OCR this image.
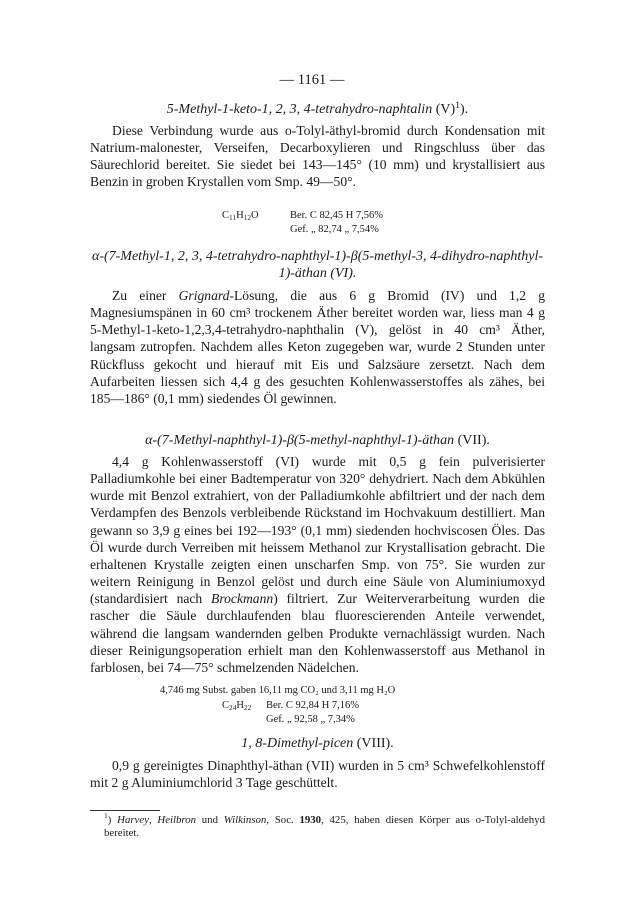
— 1161 —
5-Methyl-1-keto-1, 2, 3, 4-tetrahydro-naphtalin $(V)^1$).

Diese Verbindung wurde aus o-Tolyl-äthyl-bromid durch Kondensation mit Natrium-malonester, Verseifen, Decarboxylieren und Ringschluss über das Säurechlorid bereitet. Sie siedet bei 143—145° (10 mm) und krystallisiert aus Benzin in groben Krystallen vom Smp. 49—50°.

$C_{11}H_{12}O$	Ber. C 82,45 H 7,56%
Gef. „ 82,74 „ 7,54%
α-(7-Methyl-1, 2, 3, 4-tetrahydro-naphthyl-1)-β(5-methyl-3, 4-dihydro-naphthyl-1)-äthan (VI).

Zu einer Grignard-Lösung, die aus 6 g Bromid (IV) und 1,2 g Magnesiumspänen in 60 cm³ trockenem Äther bereitet worden war, liess man 4 g 5-Methyl-1-keto-1,2,3,4-tetrahydro-naphthalin (V), gelöst in 40 cm³ Äther, langsam zutropfen. Nachdem alles Keton zugegeben war, wurde 2 Stunden unter Rückfluss gekocht und hierauf mit Eis und Salzsäure zersetzt. Nach dem Aufarbeiten liessen sich 4,4 g des gesuchten Kohlenwasserstoffes als zähes, bei 185—186° (0,1 mm) siedendes Öl gewinnen.

α-(7-Methyl-naphthyl-1)-β(5-methyl-naphthyl-1)-äthan (VII).

4,4 g Kohlenwasserstoff (VI) wurde mit 0,5 g fein pulverisierter Palladiumkohle bei einer Badtemperatur von 320° dehydriert. Nach dem Abkühlen wurde mit Benzol extrahiert, von der Palladiumkohle abfiltriert und der nach dem Verdampfen des Benzols verbleibende Rückstand im Hochvakuum destilliert. Man gewann so 3,9 g eines bei 192—193° (0,1 mm) siedenden hochviscosen Öles. Das Öl wurde durch Verreiben mit heissem Methanol zur Krystallisation gebracht. Die erhaltenen Krystalle zeigten einen unscharfen Smp. von 75°. Sie wurden zur weitern Reinigung in Benzol gelöst und durch eine Säule von Aluminiumoxyd (standardisiert nach Brockmann) filtriert. Zur Weiterverarbeitung wurden die rascher die Säule durchlaufenden blau fluorescierenden Anteile verwendet, während die langsam wandernden gelben Produkte vernachlässigt wurden. Nach dieser Reinigungsoperation erhielt man den Kohlenwasserstoff aus Methanol in farblosen, bei 74—75° schmelzenden Nädelchen.

4,746 mg Subst. gaben 16,11 mg CO₂ und 3,11 mg H₂O
$C_{24}H_{22}$ Ber. C 92,84 H 7,16%
Gef. „ 92,58 „ 7,34%
1, 8-Dimethyl-picen (VIII).

0,9 g gereinigtes Dinaphthyl-äthan (VII) wurden in 5 cm³ Schwefelkohlenstoff mit 2 g Aluminiumchlorid 3 Tage geschüttelt.

$^1$) Harvey, Heilbron und Wilkinson, Soc. 1930, 425, haben diesen Körper aus o-Tolyl-aldehyd bereitet.
